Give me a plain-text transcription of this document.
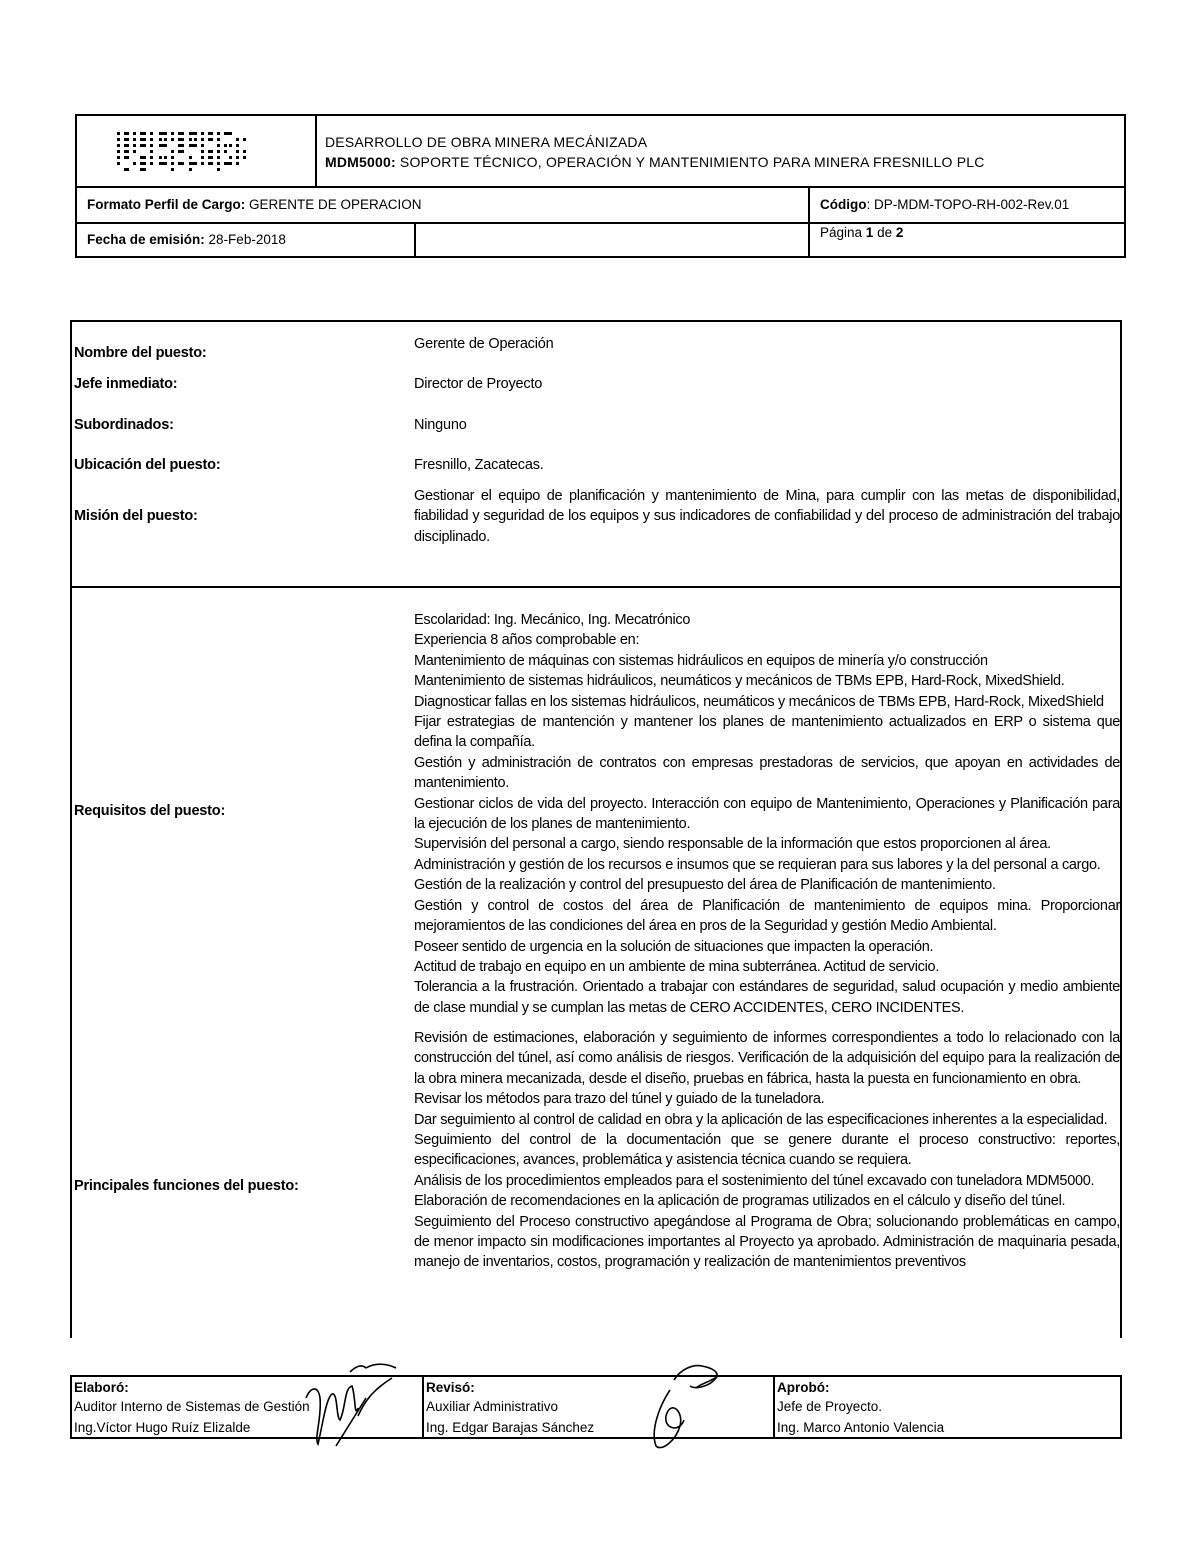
DESARROLLO DE OBRA MINERA MECÁNIZADA
MDM5000: SOPORTE TÉCNICO, OPERACIÓN Y MANTENIMIENTO PARA MINERA FRESNILLO PLC
Formato Perfil de Cargo: GERENTE DE OPERACION	Código: DP-MDM-TOPO-RH-002-Rev.01
Fecha de emisión: 28-Feb-2018	Página 1 de 2
Nombre del puesto:
Gerente de Operación
Jefe inmediato:	Director de Proyecto
Subordinados:	Ninguno
Ubicación del puesto:	Fresnillo, Zacatecas.
Misión del puesto:
Gestionar el equipo de planificación y mantenimiento de Mina, para cumplir con las metas de disponibilidad, fiabilidad y seguridad de los equipos y sus indicadores de confiabilidad y del proceso de administración del trabajo disciplinado.
Requisitos del puesto:
Escolaridad: Ing. Mecánico, Ing. Mecatrónico
Experiencia 8 años comprobable en:
Mantenimiento de máquinas con sistemas hidráulicos en equipos de minería y/o construcción
Mantenimiento de sistemas hidráulicos, neumáticos y mecánicos de TBMs EPB, Hard-Rock, MixedShield.
Diagnosticar fallas en los sistemas hidráulicos, neumáticos y mecánicos de TBMs EPB, Hard-Rock, MixedShield
Fijar estrategias de mantención y mantener los planes de mantenimiento actualizados en ERP o sistema que defina la compañía.
Gestión y administración de contratos con empresas prestadoras de servicios, que apoyan en actividades de mantenimiento.
Gestionar ciclos de vida del proyecto. Interacción con equipo de Mantenimiento, Operaciones y Planificación para la ejecución de los planes de mantenimiento.
Supervisión del personal a cargo, siendo responsable de la información que estos proporcionen al área.
Administración y gestión de los recursos e insumos que se requieran para sus labores y la del personal a cargo.
Gestión de la realización y control del presupuesto del área de Planificación de mantenimiento.
Gestión y control de costos del área de Planificación de mantenimiento de equipos mina. Proporcionar mejoramientos de las condiciones del área en pros de la Seguridad y gestión Medio Ambiental.
Poseer sentido de urgencia en la solución de situaciones que impacten la operación.
Actitud de trabajo en equipo en un ambiente de mina subterránea. Actitud de servicio.
Tolerancia a la frustración. Orientado a trabajar con estándares de seguridad, salud ocupación y medio ambiente de clase mundial y se cumplan las metas de CERO ACCIDENTES, CERO INCIDENTES.
Principales funciones del puesto:
Revisión de estimaciones, elaboración y seguimiento de informes correspondientes a todo lo relacionado con la construcción del túnel, así como análisis de riesgos. Verificación de la adquisición del equipo para la realización de la obra minera mecanizada, desde el diseño, pruebas en fábrica, hasta la puesta en funcionamiento en obra.
Revisar los métodos para trazo del túnel y guiado de la tuneladora.
Dar seguimiento al control de calidad en obra y la aplicación de las especificaciones inherentes a la especialidad.
Seguimiento del control de la documentación que se genere durante el proceso constructivo: reportes, especificaciones, avances, problemática y asistencia técnica cuando se requiera.
Análisis de los procedimientos empleados para el sostenimiento del túnel excavado con tuneladora MDM5000.
Elaboración de recomendaciones en la aplicación de programas utilizados en el cálculo y diseño del túnel.
Seguimiento del Proceso constructivo apegándose al Programa de Obra; solucionando problemáticas en campo, de menor impacto sin modificaciones importantes al Proyecto ya aprobado. Administración de maquinaria pesada, manejo de inventarios, costos, programación y realización de mantenimientos preventivos
Elaboró:
Auditor Interno de Sistemas de Gestión
Ing.Víctor Hugo Ruíz Elizalde
Revisó:
Auxiliar Administrativo
Ing. Edgar Barajas Sánchez
Aprobó:
Jefe de Proyecto.
Ing. Marco Antonio Valencia
